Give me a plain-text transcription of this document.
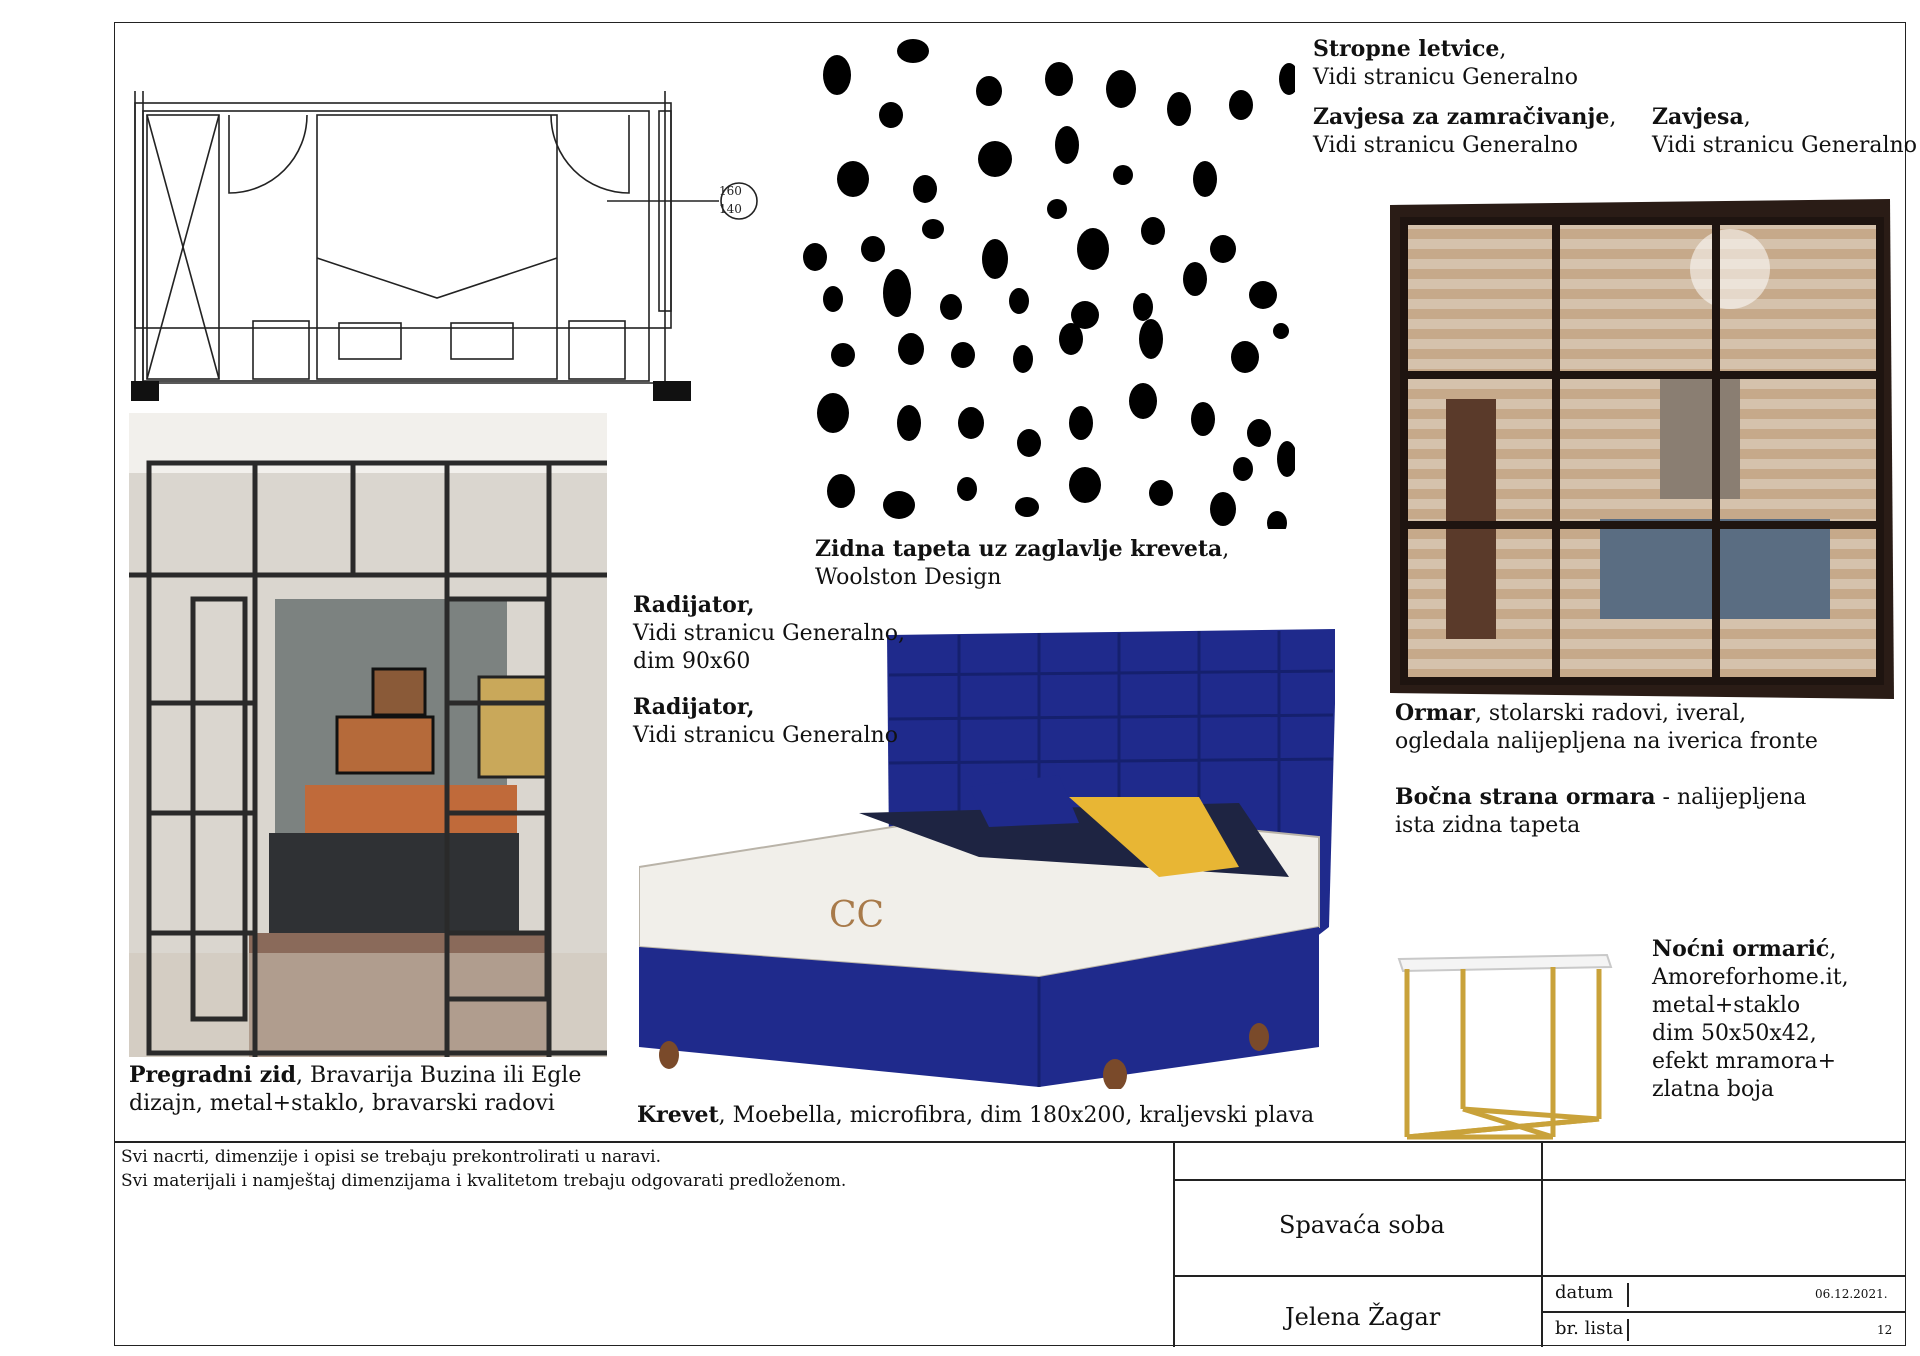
160
140
CC
Stropne letvice,
Vidi stranicu Generalno
Zavjesa za zamračivanje,
Vidi stranicu Generalno
Zavjesa,
Vidi stranicu Generalno
Zidna tapeta uz zaglavlje kreveta,
Woolston Design
Radijator,
Vidi stranicu Generalno,
dim 90x60
Radijator,
Vidi stranicu Generalno
Ormar, stolarski radovi, iveral,
ogledala nalijepljena na iverica fronte
Bočna strana ormara - nalijepljena
ista zidna tapeta
Noćni ormarić,
Amoreforhome.it,
metal+staklo
dim 50x50x42,
efekt mramora+
zlatna boja
Pregradni zid, Bravarija Buzina ili Egle
dizajn, metal+staklo, bravarski radovi	Krevet, Moebella, microfibra, dim 180x200, kraljevski plava
Svi nacrti, dimenzije i opisi se trebaju prekontrolirati u naravi.
Svi materijali i namještaj dimenzijama i kvalitetom trebaju odgovarati predloženom.
Spavaća soba
Jelena Žagar
datum	06.12.2021.
br. lista	12
